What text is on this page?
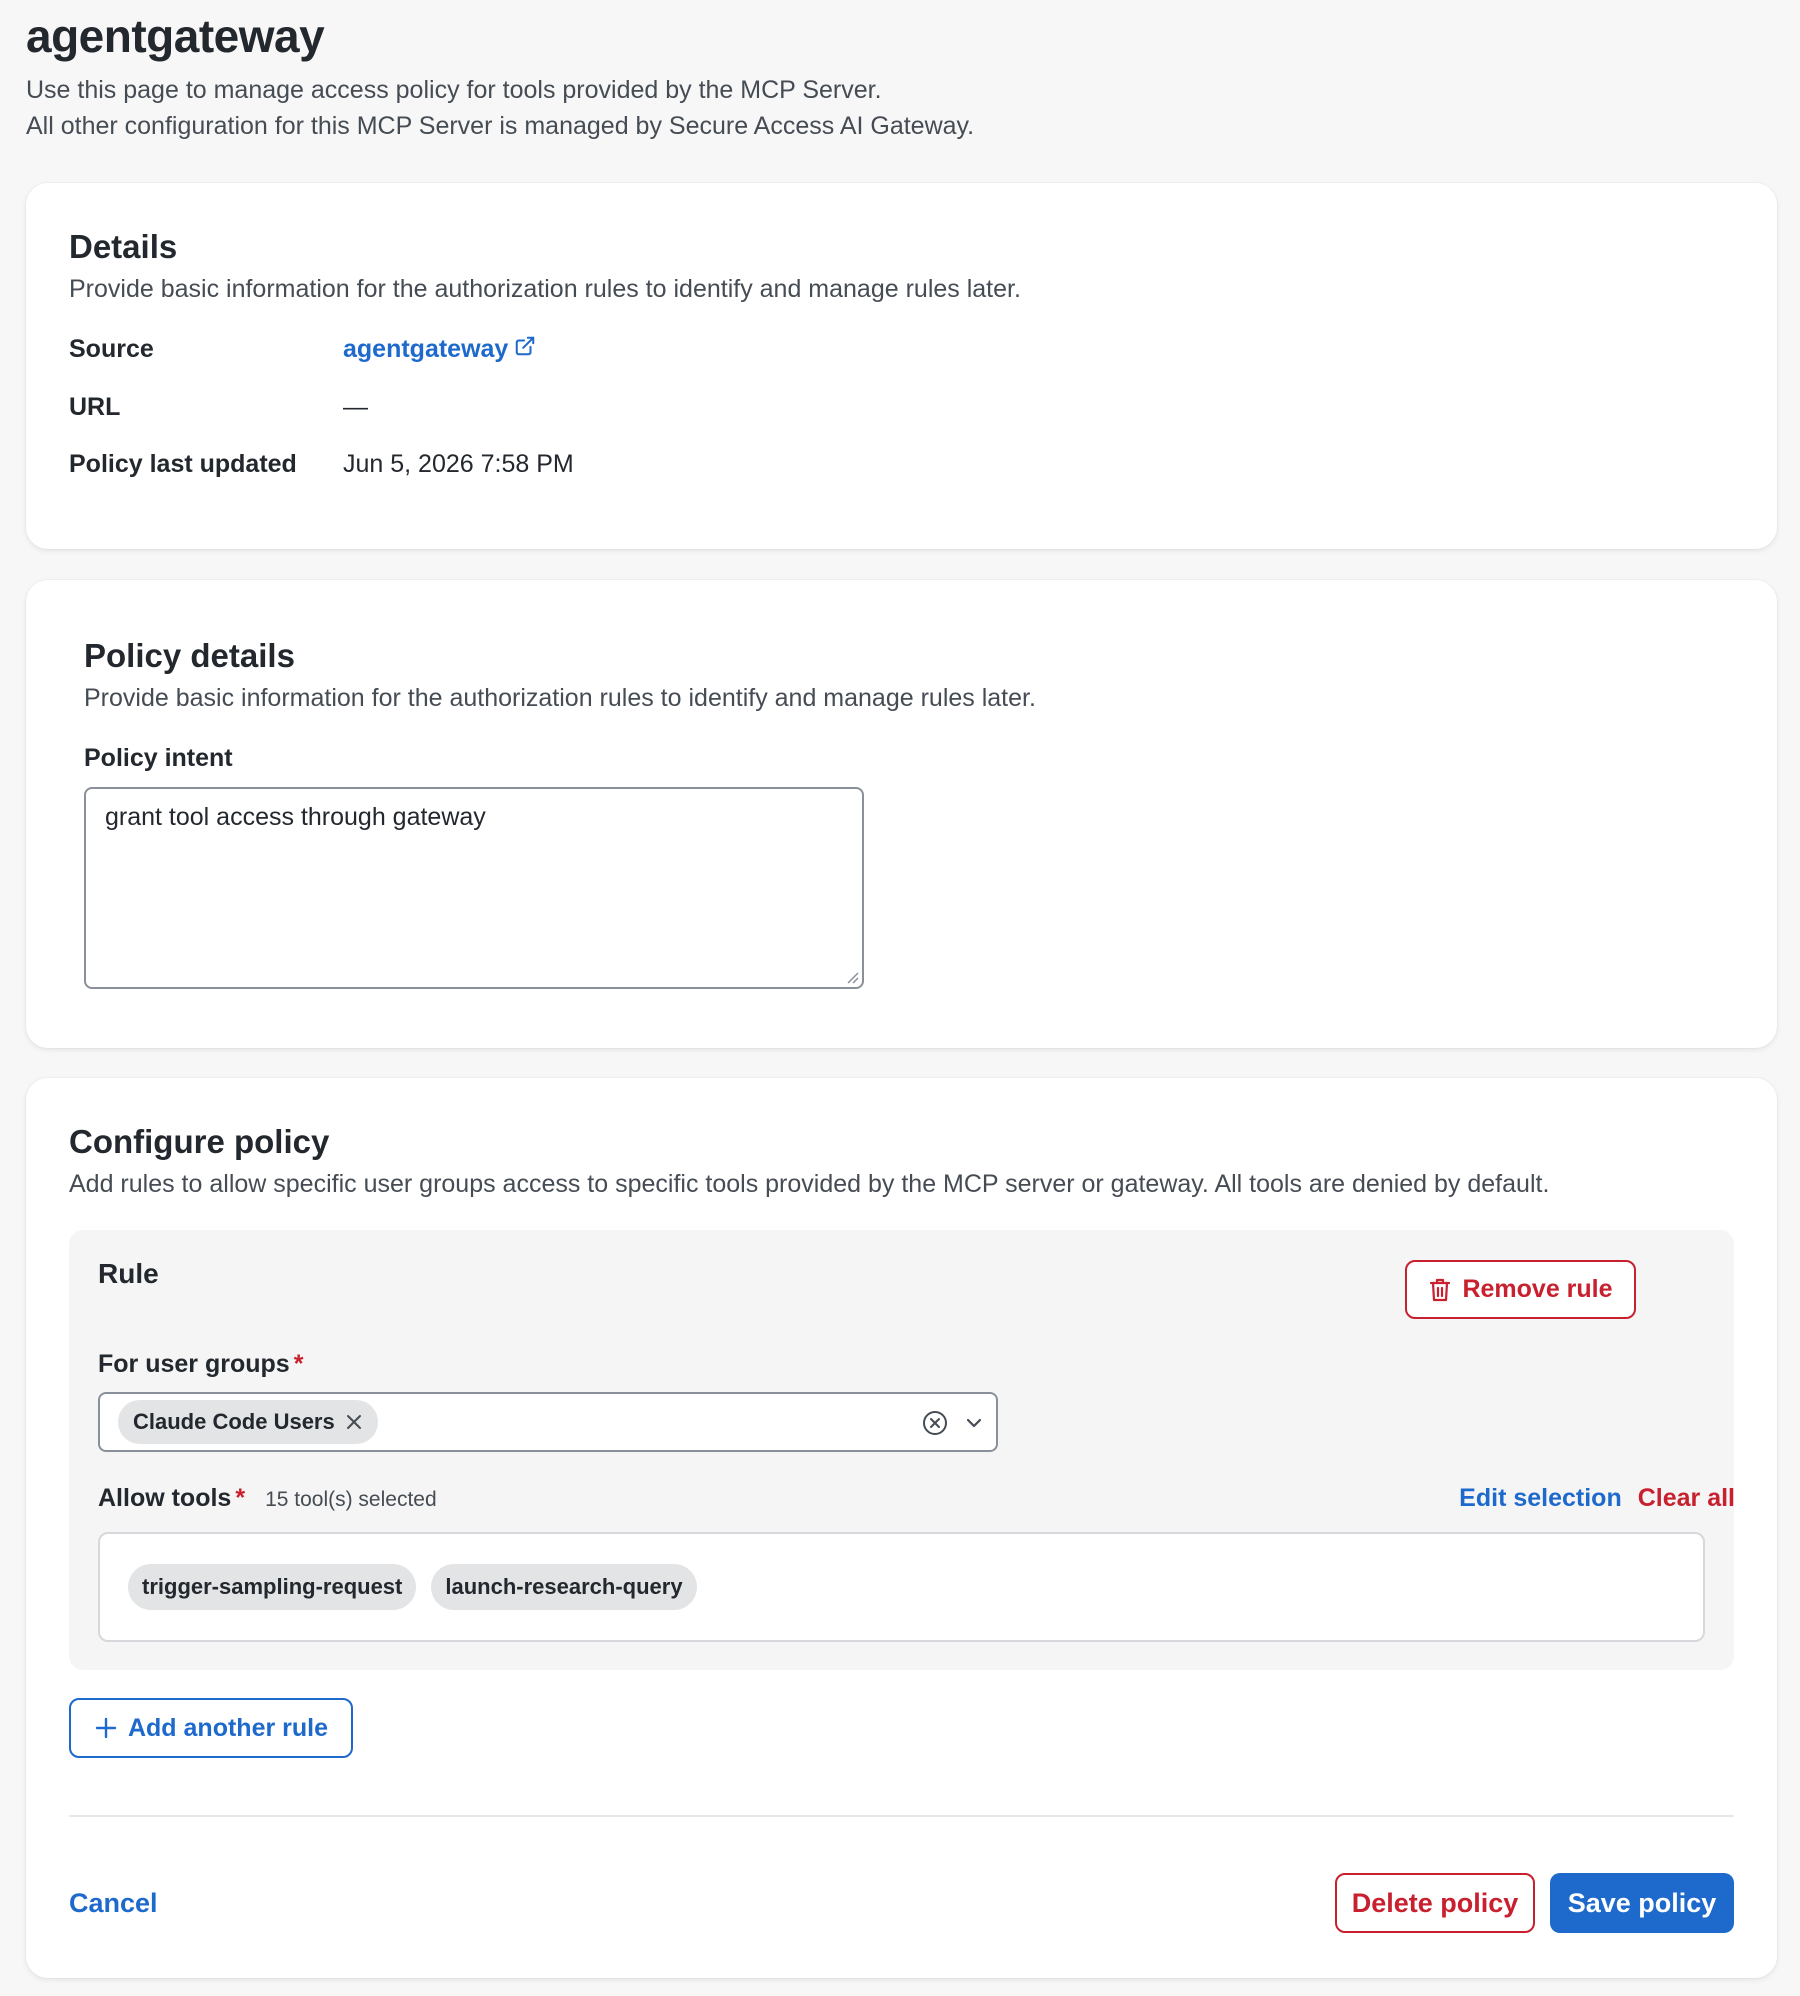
agentgateway
Use this page to manage access policy for tools provided by the MCP Server.
All other configuration for this MCP Server is managed by Secure Access AI Gateway.
Details
Provide basic information for the authorization rules to identify and manage rules later.
Source	agentgateway
URL	—
Policy last updated Jun 5, 2026 7:58 PM
Policy details
Provide basic information for the authorization rules to identify and manage rules later.
Policy intent
grant tool access through gateway
Configure policy
Add rules to allow specific user groups access to specific tools provided by the MCP server or gateway. All tools are denied by default.
Rule	Remove rule
For user groups *
Claude Code Users
Allow tools * 15 tool(s) selected	Edit selection Clear all
trigger-sampling-request	launch-research-query
Add another rule
Cancel	Delete policy	Save policy
